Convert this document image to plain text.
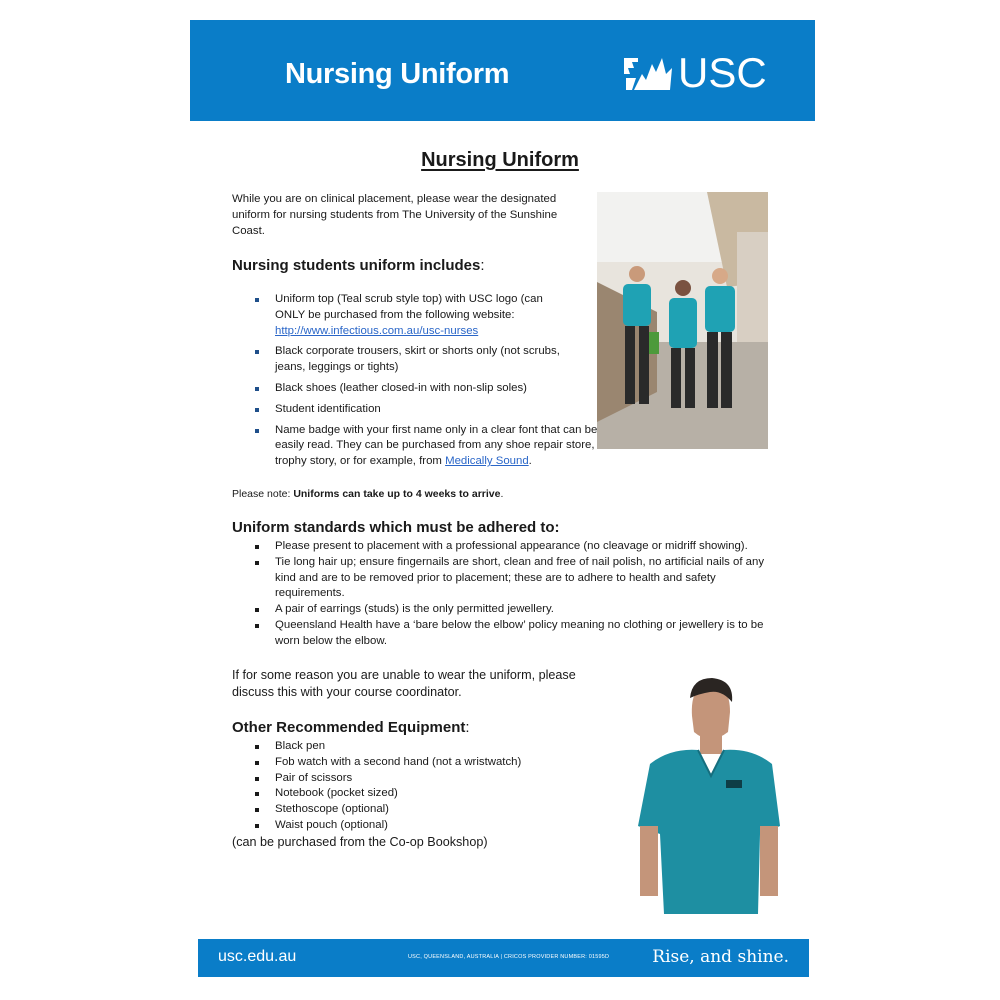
Nursing Uniform	USC
Nursing Uniform
While you are on clinical placement, please wear the designated uniform for nursing students from The University of the Sunshine Coast.
Nursing students uniform includes:
Uniform top (Teal scrub style top) with USC logo (can ONLY be purchased from the following website: http://www.infectious.com.au/usc-nurses
Black corporate trousers, skirt or shorts only (not scrubs, jeans, leggings or tights)
Black shoes (leather closed-in with non-slip soles)
Student identification
Name badge with your first name only in a clear font that can be easily read. They can be purchased from any shoe repair store, trophy story, or for example, from Medically Sound.
Please note: Uniforms can take up to 4 weeks to arrive.
Uniform standards which must be adhered to:
Please present to placement with a professional appearance (no cleavage or midriff showing).
Tie long hair up; ensure fingernails are short, clean and free of nail polish, no artificial nails of any kind and are to be removed prior to placement; these are to adhere to health and safety requirements.
A pair of earrings (studs) is the only permitted jewellery.
Queensland Health have a ‘bare below the elbow’ policy meaning no clothing or jewellery is to be worn below the elbow.
If for some reason you are unable to wear the uniform, please discuss this with your course coordinator.
Other Recommended Equipment:
Black pen
Fob watch with a second hand (not a wristwatch)
Pair of scissors
Notebook (pocket sized)
Stethoscope (optional)
Waist pouch (optional)
(can be purchased from the Co-op Bookshop)
usc.edu.au	USC, QUEENSLAND, AUSTRALIA | CRICOS PROVIDER NUMBER: 01595D	Rise, and shine.
